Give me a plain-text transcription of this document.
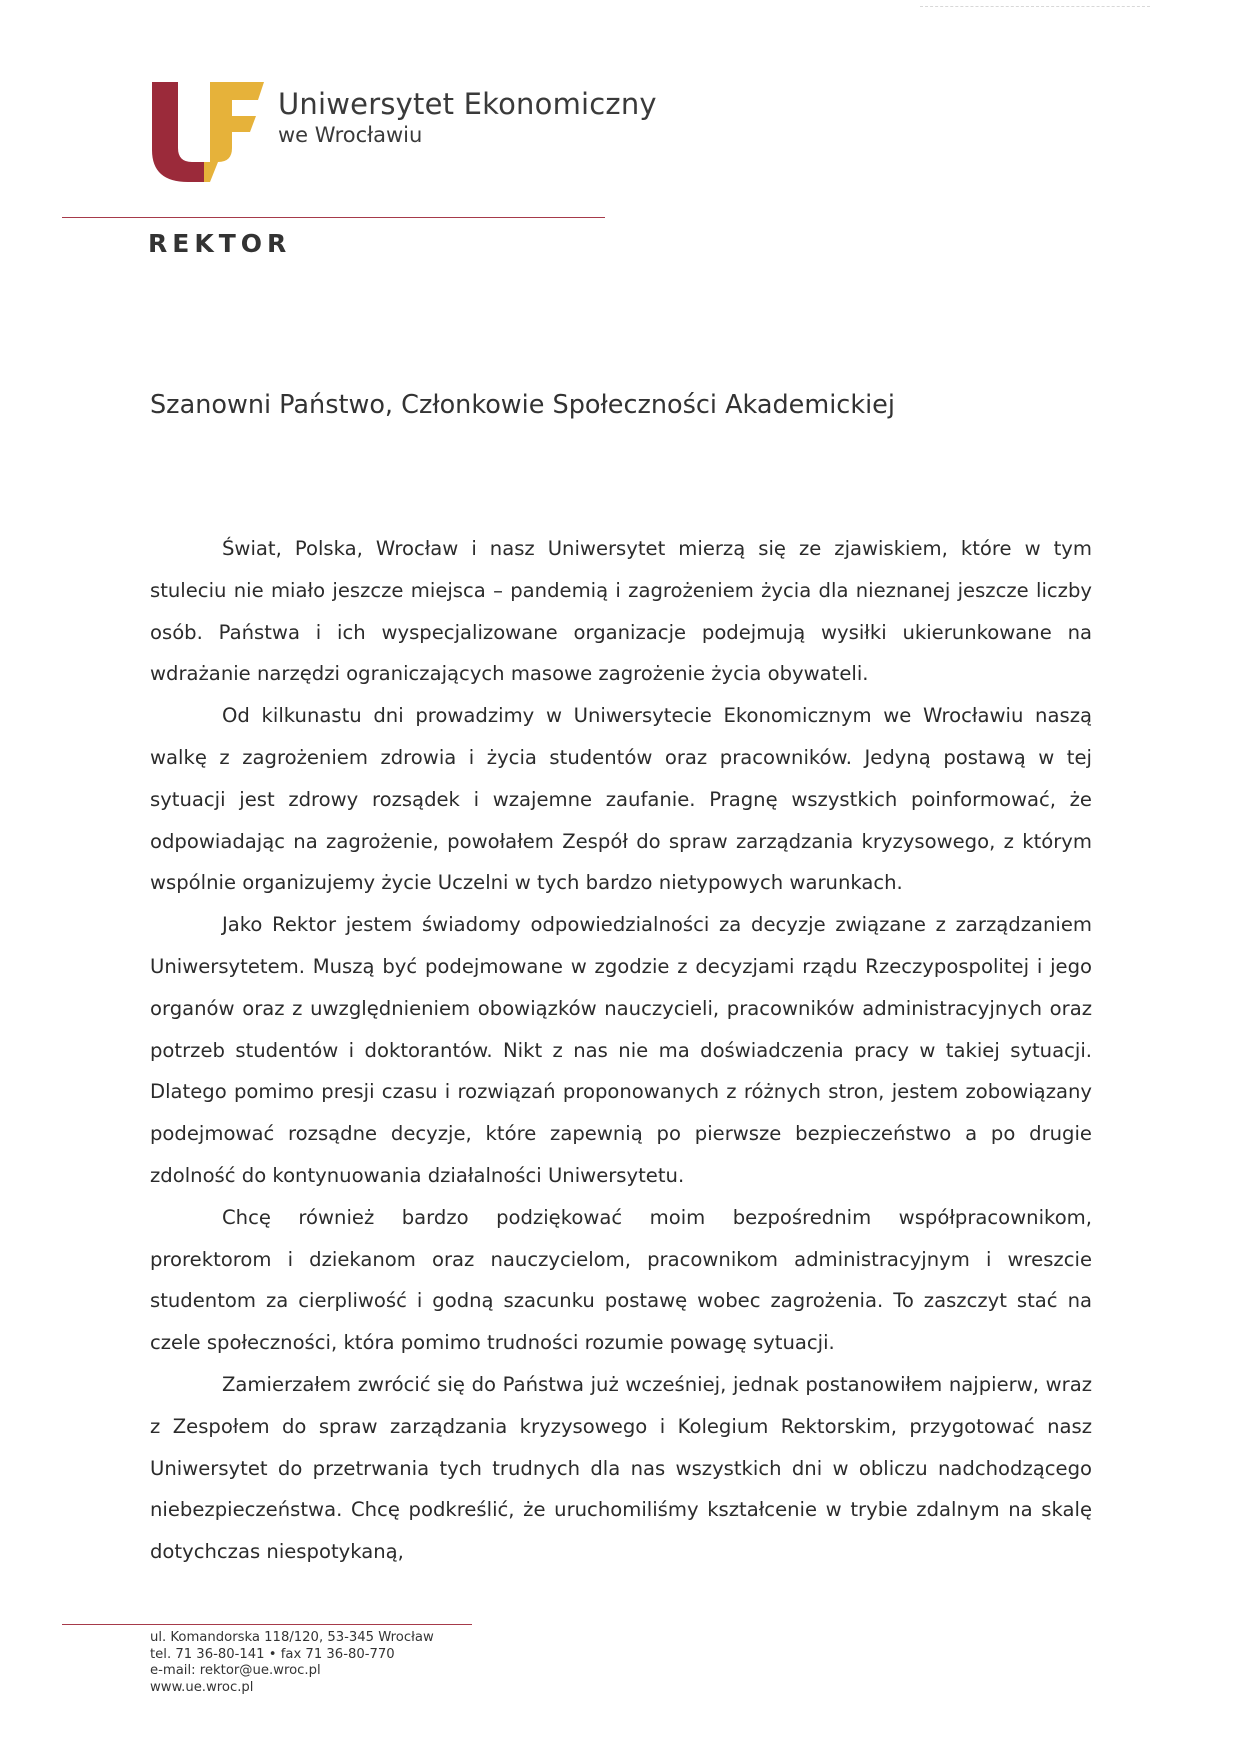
Uniwersytet Ekonomiczny
we Wrocławiu
REKTOR
Szanowni Państwo, Członkowie Społeczności Akademickiej

Świat, Polska, Wrocław i nasz Uniwersytet mierzą się ze zjawiskiem, które w tym stuleciu nie miało jeszcze miejsca – pandemią i zagrożeniem życia dla nieznanej jeszcze liczby osób. Państwa i ich wyspecjalizowane organizacje podejmują wysiłki ukierunkowane na wdrażanie narzędzi ograniczających masowe zagrożenie życia obywateli.

Od kilkunastu dni prowadzimy w Uniwersytecie Ekonomicznym we Wrocławiu naszą walkę z zagrożeniem zdrowia i życia studentów oraz pracowników. Jedyną postawą w tej sytuacji jest zdrowy rozsądek i wzajemne zaufanie. Pragnę wszystkich poinformować, że odpowiadając na zagrożenie, powołałem Zespół do spraw zarządzania kryzysowego, z którym wspólnie organizujemy życie Uczelni w tych bardzo nietypowych warunkach.

Jako Rektor jestem świadomy odpowiedzialności za decyzje związane z zarządzaniem Uniwersytetem. Muszą być podejmowane w zgodzie z decyzjami rządu Rzeczypospolitej i jego organów oraz z uwzględnieniem obowiązków nauczycieli, pracowników administracyjnych oraz potrzeb studentów i doktorantów. Nikt z nas nie ma doświadczenia pracy w takiej sytuacji. Dlatego pomimo presji czasu i rozwiązań proponowanych z różnych stron, jestem zobowiązany podejmować rozsądne decyzje, które zapewnią po pierwsze bezpieczeństwo a po drugie zdolność do kontynuowania działalności Uniwersytetu.

Chcę również bardzo podziękować moim bezpośrednim współpracownikom, prorektorom i dziekanom oraz nauczycielom, pracownikom administracyjnym i wreszcie studentom za cierpliwość i godną szacunku postawę wobec zagrożenia. To zaszczyt stać na czele społeczności, która pomimo trudności rozumie powagę sytuacji.

Zamierzałem zwrócić się do Państwa już wcześniej, jednak postanowiłem najpierw, wraz z Zespołem do spraw zarządzania kryzysowego i Kolegium Rektorskim, przygotować nasz Uniwersytet do przetrwania tych trudnych dla nas wszystkich dni w obliczu nadchodzącego niebezpieczeństwa. Chcę podkreślić, że uruchomiliśmy kształcenie w trybie zdalnym na skalę dotychczas niespotykaną,

ul. Komandorska 118/120, 53-345 Wrocław
tel. 71 36-80-141 • fax 71 36-80-770
e-mail: rektor@ue.wroc.pl
www.ue.wroc.pl
